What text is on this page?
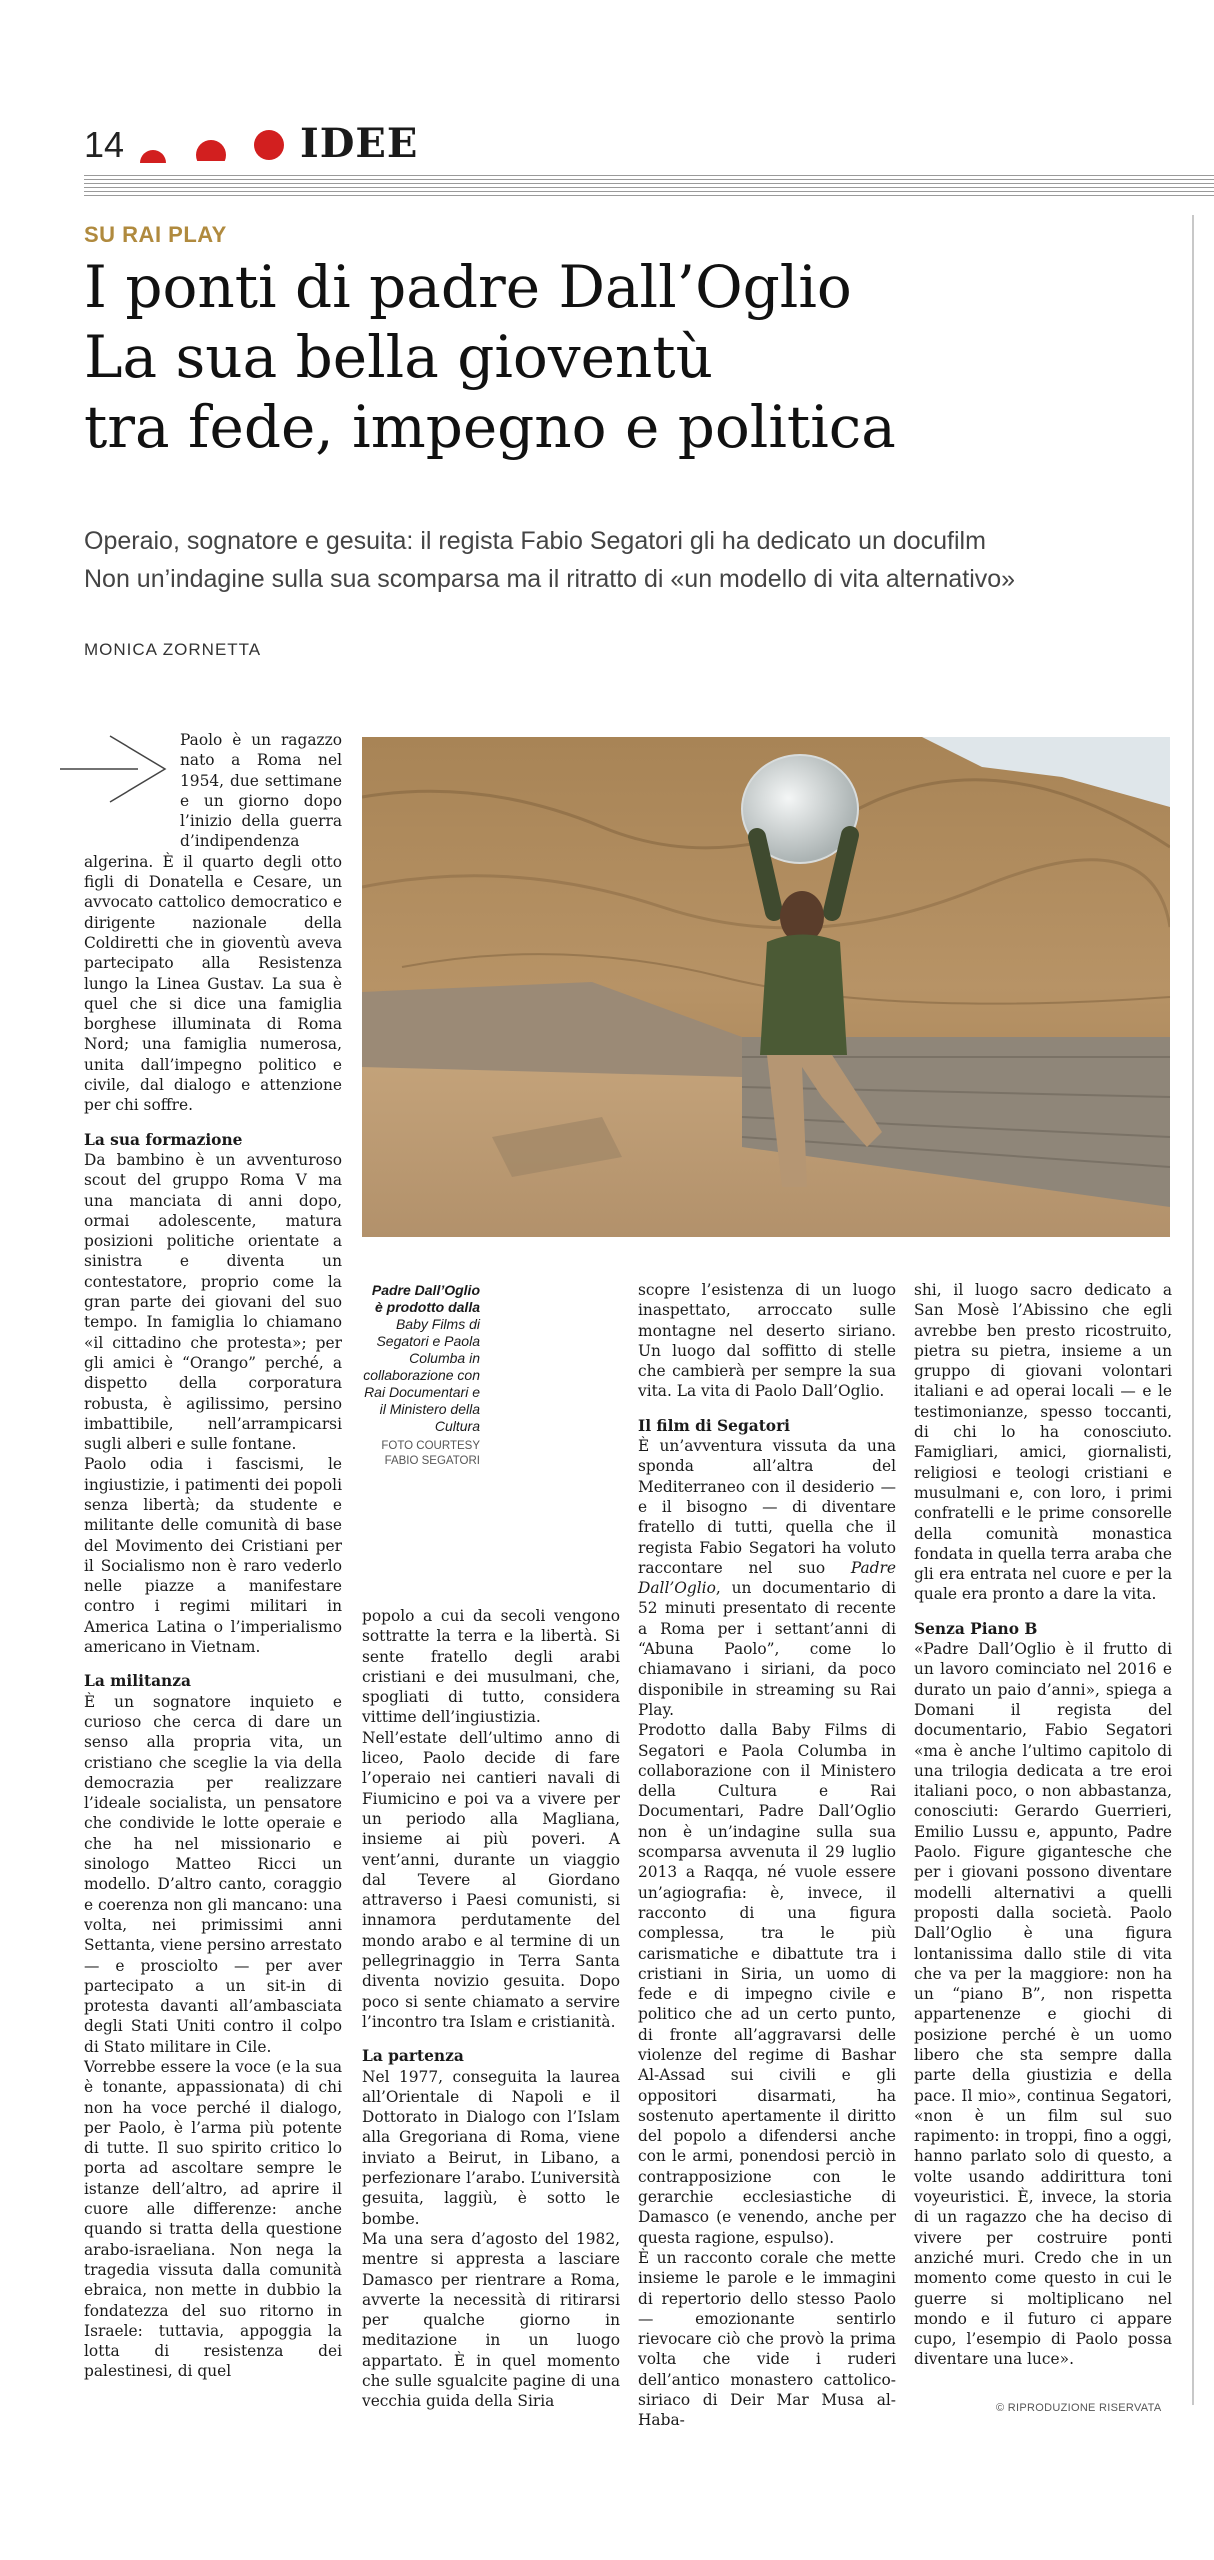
14	IDEE
SU RAI PLAY
I ponti di padre Dall’Oglio
La sua bella gioventù
tra fede, impegno e politica
Operaio, sognatore e gesuita: il regista Fabio Segatori gli ha dedicato un docufilm
Non un’indagine sulla sua scomparsa ma il ritratto di «un modello di vita alternativo»
MONICA ZORNETTA
Padre Dall’Oglio è prodotto dalla
Baby Films di Segatori e Paola Columba in collaborazione con Rai Documentari e il Ministero della Cultura
FOTO COURTESY FABIO SEGATORI

Paolo è un ragazzo nato a Roma nel 1954, due settimane e un giorno dopo l’inizio della guerra d’indipendenza algerina. È il quarto degli otto figli di Donatella e Cesare, un avvocato cattolico democratico e dirigente nazionale della Coldiretti che in gioventù aveva partecipato alla Resistenza lungo la Linea Gustav. La sua è quel che si dice una famiglia borghese illuminata di Roma Nord; una famiglia numerosa, unita dall’impegno politico e civile, dal dialogo e attenzione per chi soffre.

La sua formazione

Da bambino è un avventuroso scout del gruppo Roma V ma una manciata di anni dopo, ormai adolescente, matura posizioni politiche orientate a sinistra e diventa un contestatore, proprio come la gran parte dei giovani del suo tempo. In famiglia lo chiamano «il cittadino che protesta»; per gli amici è “Orango” perché, a dispetto della corporatura robusta, è agilissimo, persino imbattibile, nell’arrampicarsi sugli alberi e sulle fontane.

Paolo odia i fascismi, le ingiustizie, i patimenti dei popoli senza libertà; da studente e militante delle comunità di base del Movimento dei Cristiani per il Socialismo non è raro vederlo nelle piazze a manifestare contro i regimi militari in America Latina o l’imperialismo americano in Vietnam.

La militanza

È un sognatore inquieto e curioso che cerca di dare un senso alla propria vita, un cristiano che sceglie la via della democrazia per realizzare l’ideale socialista, un pensatore che condivide le lotte operaie e che ha nel missionario e sinologo Matteo Ricci un modello. D’altro canto, coraggio e coerenza non gli mancano: una volta, nei primissimi anni Settanta, viene persino arrestato — e prosciolto — per aver partecipato a un sit-in di protesta davanti all’ambasciata degli Stati Uniti contro il colpo di Stato militare in Cile.

Vorrebbe essere la voce (e la sua è tonante, appassionata) di chi non ha voce perché il dialogo, per Paolo, è l’arma più potente di tutte. Il suo spirito critico lo porta ad ascoltare sempre le istanze dell’altro, ad aprire il cuore alle differenze: anche quando si tratta della questione arabo-israeliana. Non nega la tragedia vissuta dalla comunità ebraica, non mette in dubbio la fondatezza del suo ritorno in Israele: tuttavia, appoggia la lotta di resistenza dei palestinesi, di quel

popolo a cui da secoli vengono sottratte la terra e la libertà. Si sente fratello degli arabi cristiani e dei musulmani, che, spogliati di tutto, considera vittime dell’ingiustizia.

Nell’estate dell’ultimo anno di liceo, Paolo decide di fare l’operaio nei cantieri navali di Fiumicino e poi va a vivere per un periodo alla Magliana, insieme ai più poveri. A vent’anni, durante un viaggio dal Tevere al Giordano attraverso i Paesi comunisti, si innamora perdutamente del mondo arabo e al termine di un pellegrinaggio in Terra Santa diventa novizio gesuita. Dopo poco si sente chiamato a servire l’incontro tra Islam e cristianità.

La partenza

Nel 1977, conseguita la laurea all’Orientale di Napoli e il Dottorato in Dialogo con l’Islam alla Gregoriana di Roma, viene inviato a Beirut, in Libano, a perfezionare l’arabo. L’università gesuita, laggiù, è sotto le bombe.

Ma una sera d’agosto del 1982, mentre si appresta a lasciare Damasco per rientrare a Roma, avverte la necessità di ritirarsi per qualche giorno in meditazione in un luogo appartato. È in quel momento che sulle sgualcite pagine di una vecchia guida della Siria

scopre l’esistenza di un luogo inaspettato, arroccato sulle montagne nel deserto siriano. Un luogo dal soffitto di stelle che cambierà per sempre la sua vita. La vita di Paolo Dall’Oglio.

Il film di Segatori

È un’avventura vissuta da una sponda all’altra del Mediterraneo con il desiderio — e il bisogno — di diventare fratello di tutti, quella che il regista Fabio Segatori ha voluto raccontare nel suo Padre Dall’Oglio, un documentario di 52 minuti presentato di recente a Roma per i settant’anni di “Abuna Paolo”, come lo chiamavano i siriani, da poco disponibile in streaming su Rai Play.

Prodotto dalla Baby Films di Segatori e Paola Columba in collaborazione con il Ministero della Cultura e Rai Documentari, Padre Dall’Oglio non è un’indagine sulla sua scomparsa avvenuta il 29 luglio 2013 a Raqqa, né vuole essere un’agiografia: è, invece, il racconto di una figura complessa, tra le più carismatiche e dibattute tra i cristiani in Siria, un uomo di fede e di impegno civile e politico che ad un certo punto, di fronte all’aggravarsi delle violenze del regime di Bashar Al-Assad sui civili e gli oppositori disarmati, ha sostenuto apertamente il diritto del popolo a difendersi anche con le armi, ponendosi perciò in contrapposizione con le gerarchie ecclesiastiche di Damasco (e venendo, anche per questa ragione, espulso).

È un racconto corale che mette insieme le parole e le immagini di repertorio dello stesso Paolo — emozionante sentirlo rievocare ciò che provò la prima volta che vide i ruderi dell’antico monastero cattolico-siriaco di Deir Mar Musa al-Haba-

shi, il luogo sacro dedicato a San Mosè l’Abissino che egli avrebbe ben presto ricostruito, pietra su pietra, insieme a un gruppo di giovani volontari italiani e ad operai locali — e le testimonianze, spesso toccanti, di chi lo ha conosciuto. Famigliari, amici, giornalisti, religiosi e teologi cristiani e musulmani e, con loro, i primi confratelli e le prime consorelle della comunità monastica fondata in quella terra araba che gli era entrata nel cuore e per la quale era pronto a dare la vita.

Senza Piano B

«Padre Dall’Oglio è il frutto di un lavoro cominciato nel 2016 e durato un paio d’anni», spiega a Domani il regista del documentario, Fabio Segatori «ma è anche l’ultimo capitolo di una trilogia dedicata a tre eroi italiani poco, o non abbastanza, conosciuti: Gerardo Guerrieri, Emilio Lussu e, appunto, Padre Paolo. Figure gigantesche che per i giovani possono diventare modelli alternativi a quelli proposti dalla società. Paolo Dall’Oglio è una figura lontanissima dallo stile di vita che va per la maggiore: non ha un “piano B”, non rispetta appartenenze e giochi di posizione perché è un uomo libero che sta sempre dalla parte della giustizia e della pace. Il mio», continua Segatori, «non è un film sul suo rapimento: in troppi, fino a oggi, hanno parlato solo di questo, a volte usando addirittura toni voyeuristici. È, invece, la storia di un ragazzo che ha deciso di vivere per costruire ponti anziché muri. Credo che in un momento come questo in cui le guerre si moltiplicano nel mondo e il futuro ci appare cupo, l’esempio di Paolo possa diventare una luce».

© RIPRODUZIONE RISERVATA
